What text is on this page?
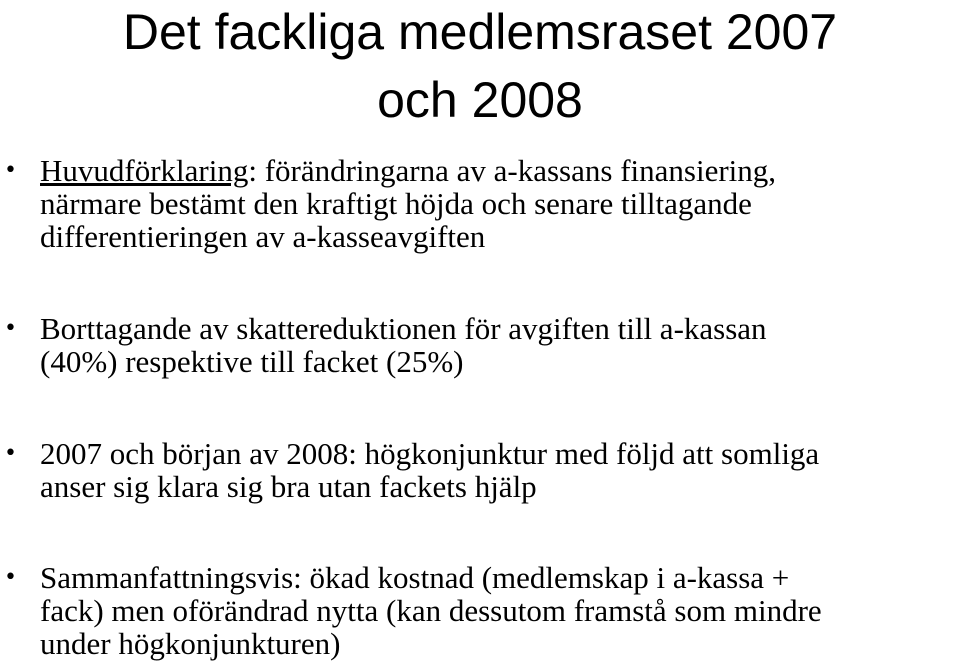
Det fackliga medlemsraset 2007
och 2008
• Huvudförklaring: förändringarna av a-kassans finansiering,
närmare bestämt den kraftigt höjda och senare tilltagande
differentieringen av a-kasseavgiften
• Borttagande av skattereduktionen för avgiften till a-kassan
(40%) respektive till facket (25%)
• 2007 och början av 2008: högkonjunktur med följd att somliga
anser sig klara sig bra utan fackets hjälp
• Sammanfattningsvis: ökad kostnad (medlemskap i a-kassa +
fack) men oförändrad nytta (kan dessutom framstå som mindre
under högkonjunkturen)
